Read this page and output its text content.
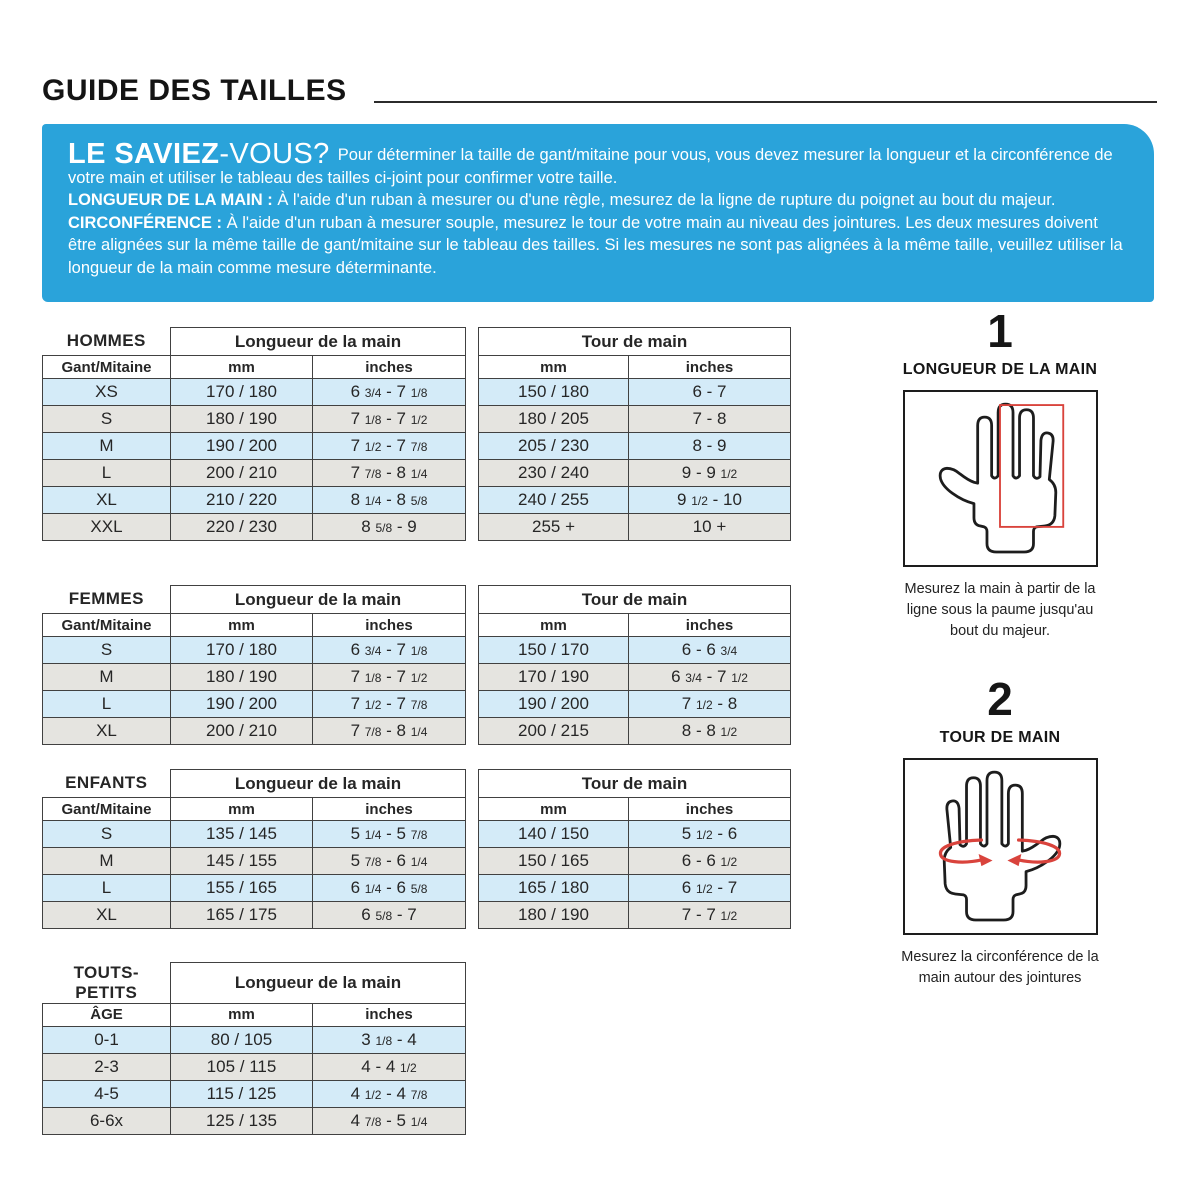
GUIDE DES TAILLES

LE SAVIEZ-VOUS? Pour déterminer la taille de gant/mitaine pour vous, vous devez mesurer la longueur et la circonférence de votre main et utiliser le tableau des tailles ci-joint pour confirmer votre taille.

LONGUEUR DE LA MAIN : À l'aide d'un ruban à mesurer ou d'une règle, mesurez de la ligne de rupture du poignet au bout du majeur.

CIRCONFÉRENCE : À l'aide d'un ruban à mesurer souple, mesurez le tour de votre main au niveau des jointures. Les deux mesures doivent être alignées sur la même taille de gant/mitaine sur le tableau des tailles. Si les mesures ne sont pas alignées à la même taille, veuillez utiliser la longueur de la main comme mesure déterminante.

HOMMES	Longueur de la main	
Gant/Mitaine	mm	inches
XS	170 / 180	6 3/4 - 7 1/8
S	180 / 190	7 1/8 - 7 1/2
M	190 / 200	7 1/2 - 7 7/8
L	200 / 210	7 7/8 - 8 1/4
XL	210 / 220	8 1/4 - 8 5/8
XXL	220 / 230	8 5/8 - 9
Tour de main	
mm	inches
150 / 180	6 - 7
180 / 205	7 - 8
205 / 230	8 - 9
230 / 240	9 - 9 1/2
240 / 255	9 1/2 - 10
255 +	10 +
FEMMES	Longueur de la main	
Gant/Mitaine	mm	inches
S	170 / 180	6 3/4 - 7 1/8
M	180 / 190	7 1/8 - 7 1/2
L	190 / 200	7 1/2 - 7 7/8
XL	200 / 210	7 7/8 - 8 1/4
Tour de main	
mm	inches
150 / 170	6 - 6 3/4
170 / 190	6 3/4 - 7 1/2
190 / 200	7 1/2 - 8
200 / 215	8 - 8 1/2
ENFANTS	Longueur de la main	
Gant/Mitaine	mm	inches
S	135 / 145	5 1/4 - 5 7/8
M	145 / 155	5 7/8 - 6 1/4
L	155 / 165	6 1/4 - 6 5/8
XL	165 / 175	6 5/8 - 7
Tour de main	
mm	inches
140 / 150	5 1/2 - 6
150 / 165	6 - 6 1/2
165 / 180	6 1/2 - 7
180 / 190	7 - 7 1/2
TOUTS-PETITS	Longueur de la main	
ÂGE	mm	inches
0-1	80 / 105	3 1/8 - 4
2-3	105 / 115	4 - 4 1/2
4-5	115 / 125	4 1/2 - 4 7/8
6-6x	125 / 135	4 7/8 - 5 1/4
1
LONGUEUR DE LA MAIN
Mesurez la main à partir de la ligne sous la paume jusqu'au bout du majeur.
2
TOUR DE MAIN
Mesurez la circonférence de la main autour des jointures
